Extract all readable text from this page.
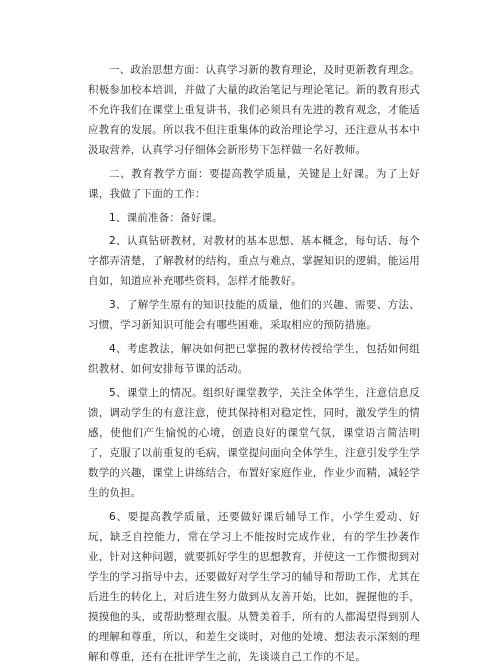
一、政治思想方面：认真学习新的教育理论，及时更新教育理念。积极参加校本培训，并做了大量的政治笔记与理论笔记。新的教育形式不允许我们在课堂上重复讲书，我们必须具有先进的教育观念，才能适应教育的发展。所以我不但注重集体的政治理论学习，还注意从书本中汲取营养，认真学习仔细体会新形势下怎样做一名好教师。

二、教育教学方面：要提高教学质量，关键是上好课。为了上好课，我做了下面的工作：

1、课前准备：备好课。

2、认真钻研教材，对教材的基本思想、基本概念，每句话、每个字都弄清楚，了解教材的结构，重点与难点，掌握知识的逻辑，能运用自如，知道应补充哪些资料，怎样才能教好。

3、了解学生原有的知识技能的质量，他们的兴趣、需要、方法、习惯，学习新知识可能会有哪些困难，采取相应的预防措施。

4、考虑教法，解决如何把已掌握的教材传授给学生，包括如何组织教材、如何安排每节课的活动。

5、课堂上的情况。组织好课堂教学，关注全体学生，注意信息反馈，调动学生的有意注意，使其保持相对稳定性，同时，激发学生的情感，使他们产生愉悦的心境，创造良好的课堂气氛，课堂语言简洁明了，克服了以前重复的毛病，课堂提问面向全体学生，注意引发学生学数学的兴趣，课堂上讲练结合，布置好家庭作业，作业少而精，减轻学生的负担。

6、要提高教学质量，还要做好课后辅导工作，小学生爱动、好玩，缺乏自控能力，常在学习上不能按时完成作业，有的学生抄袭作业，针对这种问题，就要抓好学生的思想教育，并使这一工作惯彻到对学生的学习指导中去，还要做好对学生学习的辅导和帮助工作，尤其在后进生的转化上，对后进生努力做到从友善开始，比如，握握他的手，摸摸他的头，或帮助整理衣服。从赞美着手，所有的人都渴望得到别人的理解和尊重，所以，和差生交谈时，对他的处境、想法表示深刻的理解和尊重，还有在批评学生之前，先谈谈自己工作的不足。
